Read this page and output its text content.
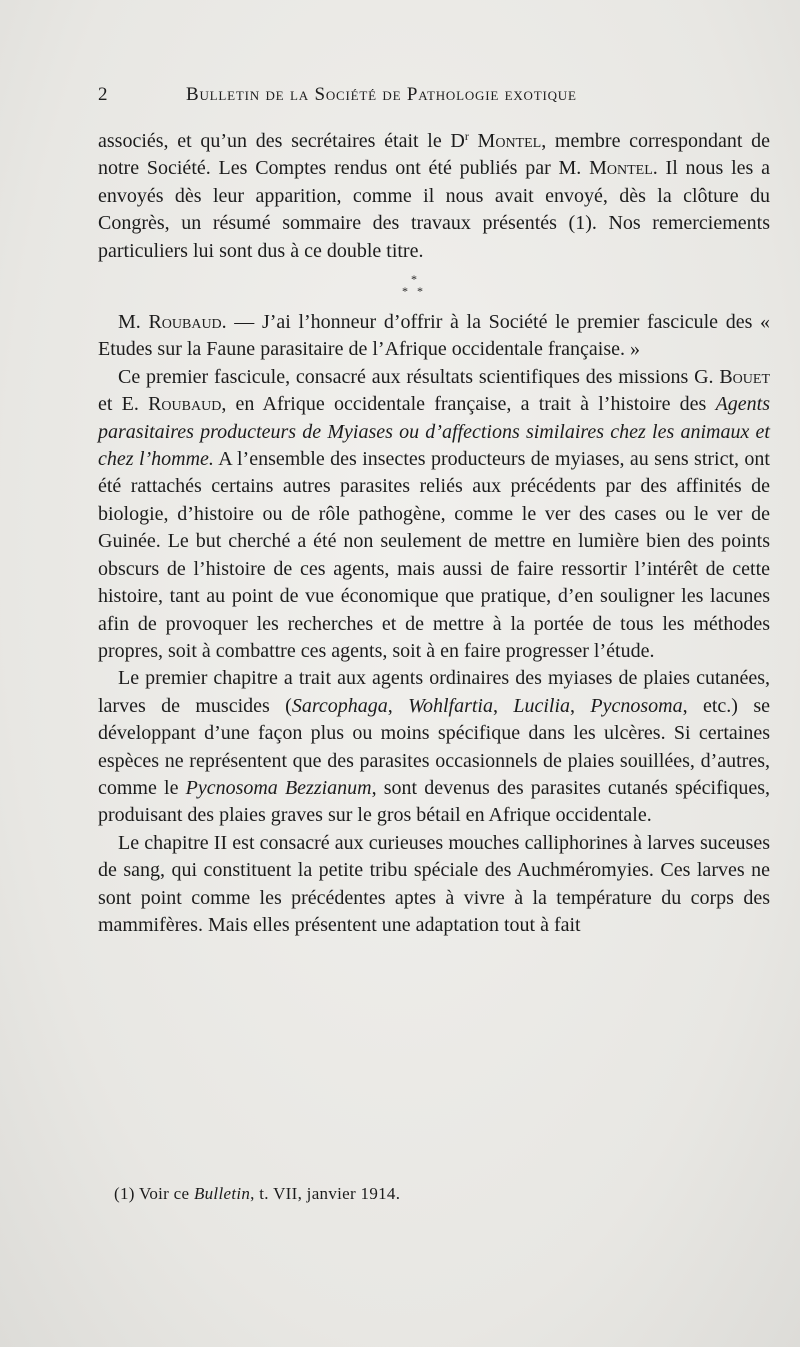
2	Bulletin de la Société de Pathologie exotique

associés, et qu’un des secrétaires était le $D^r$ Montel, membre correspondant de notre Société. Les Comptes rendus ont été publiés par M. Montel. Il nous les a envoyés dès leur apparition, comme il nous avait envoyé, dès la clôture du Congrès, un résumé sommaire des travaux présentés (1). Nos remerciements particuliers lui sont dus à ce double titre.

*
* *

M. Roubaud. — J’ai l’honneur d’offrir à la Société le premier fascicule des « Etudes sur la Faune parasitaire de l’Afrique occidentale française. »

Ce premier fascicule, consacré aux résultats scientifiques des missions G. Bouet et E. Roubaud, en Afrique occidentale française, a trait à l’histoire des Agents parasitaires producteurs de Myiases ou d’affections similaires chez les animaux et chez l’homme. A l’ensemble des insectes producteurs de myiases, au sens strict, ont été rattachés certains autres parasites reliés aux précédents par des affinités de biologie, d’histoire ou de rôle pathogène, comme le ver des cases ou le ver de Guinée. Le but cherché a été non seulement de mettre en lumière bien des points obscurs de l’histoire de ces agents, mais aussi de faire ressortir l’intérêt de cette histoire, tant au point de vue économique que pratique, d’en souligner les lacunes afin de provoquer les recherches et de mettre à la portée de tous les méthodes propres, soit à combattre ces agents, soit à en faire progresser l’étude.

Le premier chapitre a trait aux agents ordinaires des myiases de plaies cutanées, larves de muscides (Sarcophaga, Wohlfartia, Lucilia, Pycnosoma, etc.) se développant d’une façon plus ou moins spécifique dans les ulcères. Si certaines espèces ne représentent que des parasites occasionnels de plaies souillées, d’autres, comme le Pycnosoma Bezzianum, sont devenus des parasites cutanés spécifiques, produisant des plaies graves sur le gros bétail en Afrique occidentale.

Le chapitre II est consacré aux curieuses mouches calliphorines à larves suceuses de sang, qui constituent la petite tribu spéciale des Auchméromyies. Ces larves ne sont point comme les précédentes aptes à vivre à la température du corps des mammifères. Mais elles présentent une adaptation tout à fait

(1) Voir ce Bulletin, t. VII, janvier 1914.
